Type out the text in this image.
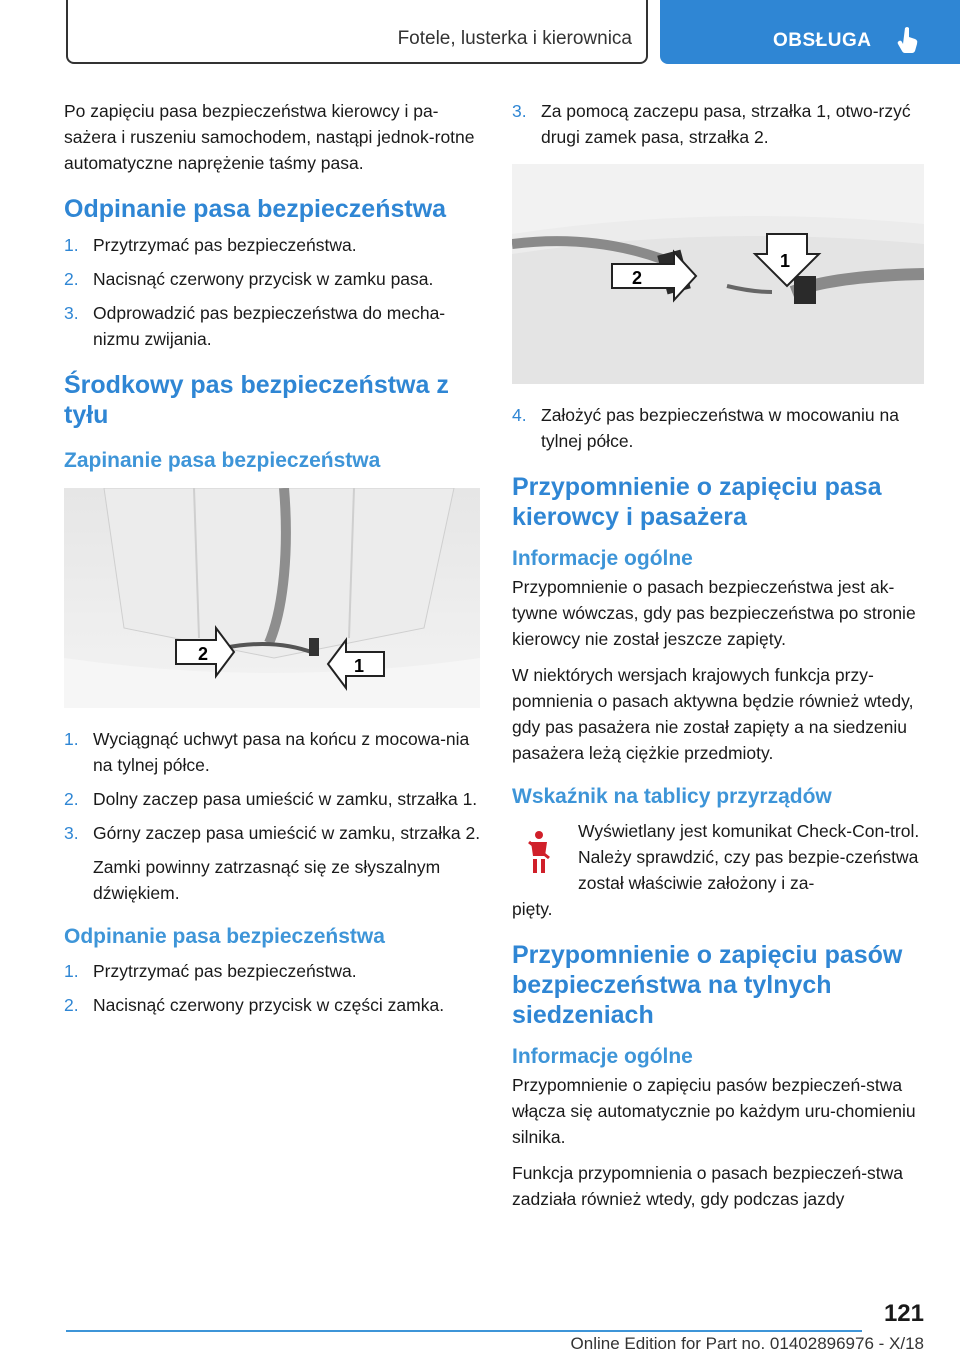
Fotele, lusterka i kierownica	OBSŁUGA

Po zapięciu pasa bezpieczeństwa kierowcy i pa-sażera i ruszeniu samochodem, nastąpi jednok-rotne automatyczne naprężenie taśmy pasa.

Odpinanie pasa bezpieczeństwa
1. Przytrzymać pas bezpieczeństwa.
2. Nacisnąć czerwony przycisk w zamku pasa.
3. Odprowadzić pas bezpieczeństwa do mecha-nizmu zwijania.
Środkowy pas bezpieczeństwa z tyłu
Zapinanie pasa bezpieczeństwa
2
1
1. Wyciągnąć uchwyt pasa na końcu z mocowa-nia na tylnej półce.
2. Dolny zaczep pasa umieścić w zamku, strzałka 1.
3. Górny zaczep pasa umieścić w zamku, strzałka 2.
Zamki powinny zatrzasnąć się ze słyszalnym dźwiękiem.
Odpinanie pasa bezpieczeństwa
1. Przytrzymać pas bezpieczeństwa.
2. Nacisnąć czerwony przycisk w części zamka.
3. Za pomocą zaczepu pasa, strzałka 1, otwo-rzyć drugi zamek pasa, strzałka 2.
1
2
4. Założyć pas bezpieczeństwa w mocowaniu na tylnej półce.
Przypomnienie o zapięciu pasa kierowcy i pasażera
Informacje ogólne

Przypomnienie o pasach bezpieczeństwa jest ak-tywne wówczas, gdy pas bezpieczeństwa po stronie kierowcy nie został jeszcze zapięty.

W niektórych wersjach krajowych funkcja przy-pomnienia o pasach aktywna będzie również wtedy, gdy pas pasażera nie został zapięty a na siedzeniu pasażera leżą ciężkie przedmioty.

Wskaźnik na tablicy przyrządów
Wyświetlany jest komunikat Check-Con-trol. Należy sprawdzić, czy pas bezpie-czeństwa został właściwie założony i za-

pięty.

Przypomnienie o zapięciu pasów bezpieczeństwa na tylnych siedzeniach
Informacje ogólne

Przypomnienie o zapięciu pasów bezpieczeń-stwa włącza się automatycznie po każdym uru-chomieniu silnika.

Funkcja przypomnienia o pasach bezpieczeń-stwa zadziała również wtedy, gdy podczas jazdy

121
Online Edition for Part no. 01402896976 - X/18
